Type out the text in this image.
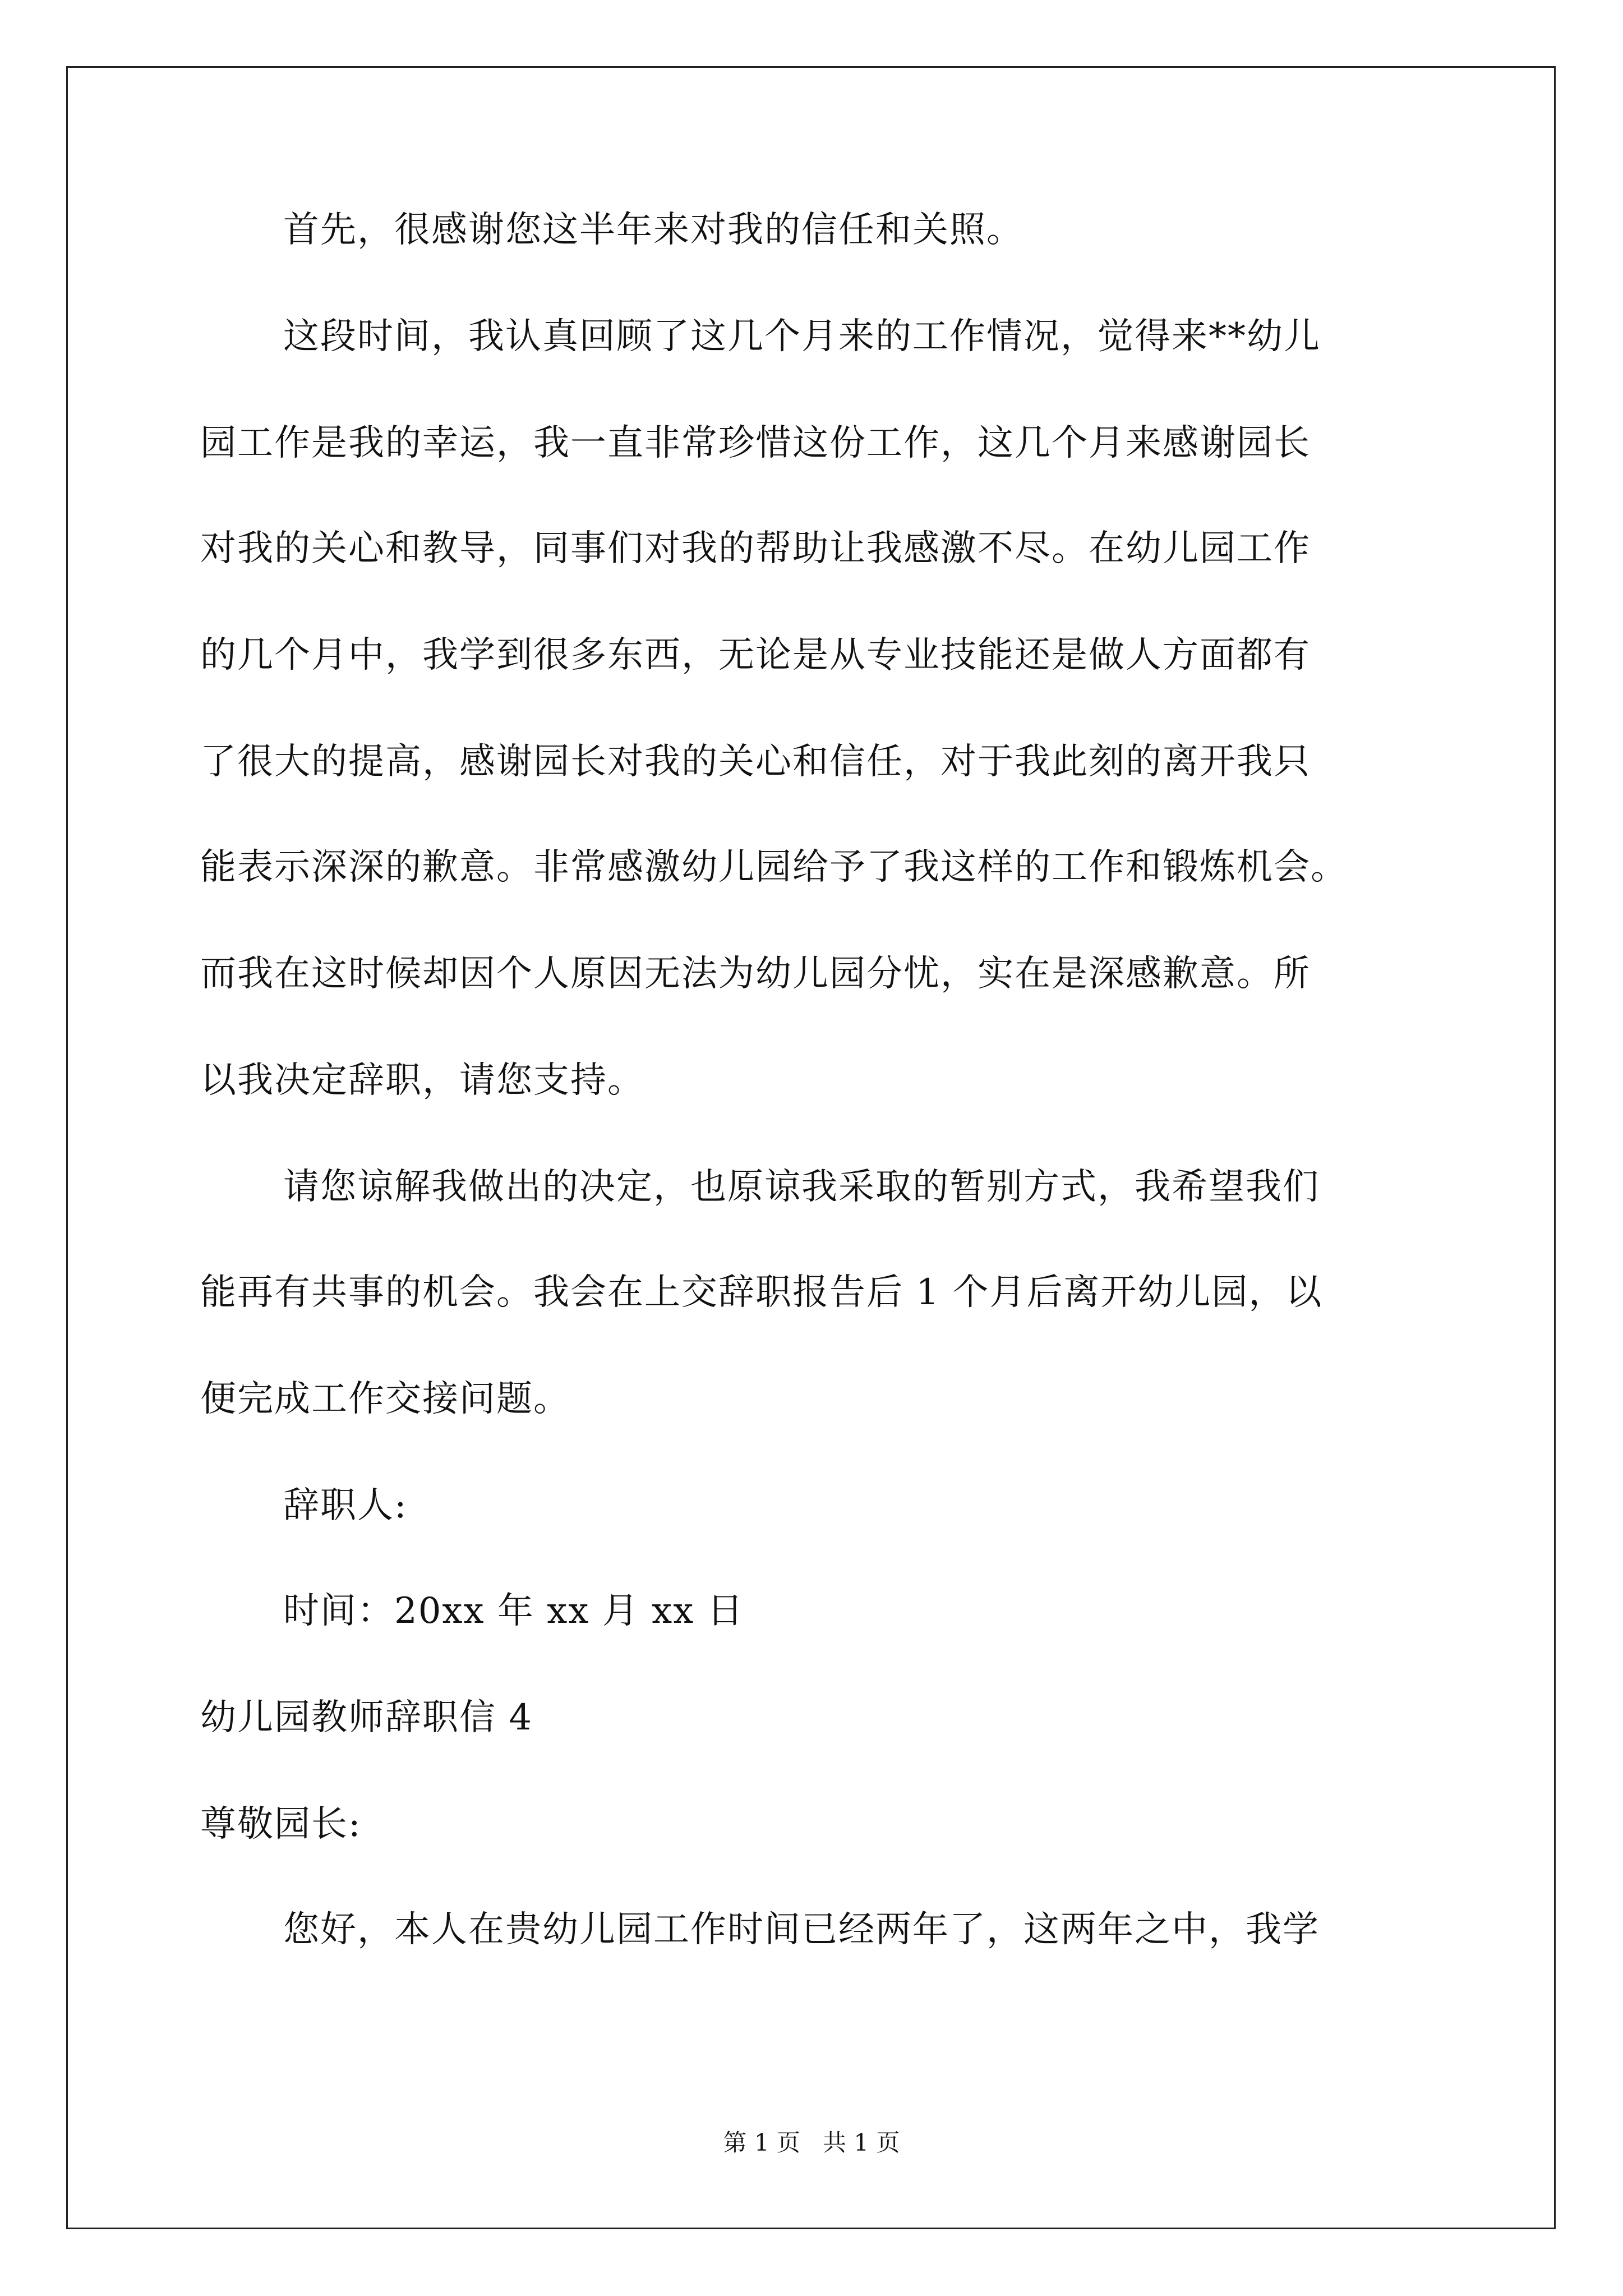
首先，很感谢您这半年来对我的信任和关照。
这段时间，我认真回顾了这几个月来的工作情况，觉得来**幼儿
园工作是我的幸运，我一直非常珍惜这份工作，这几个月来感谢园长
对我的关心和教导，同事们对我的帮助让我感激不尽。在幼儿园工作
的几个月中，我学到很多东西，无论是从专业技能还是做人方面都有
了很大的提高，感谢园长对我的关心和信任，对于我此刻的离开我只
能表示深深的歉意。非常感激幼儿园给予了我这样的工作和锻炼机会。
而我在这时候却因个人原因无法为幼儿园分忧，实在是深感歉意。所
以我决定辞职，请您支持。
请您谅解我做出的决定，也原谅我采取的暂别方式，我希望我们
能再有共事的机会。我会在上交辞职报告后 1 个月后离开幼儿园，以
便完成工作交接问题。
辞职人:
时间：20xx 年 xx 月 xx 日
幼儿园教师辞职信 4
尊敬园长:
您好，本人在贵幼儿园工作时间已经两年了，这两年之中，我学
第 1 页   共 1 页
